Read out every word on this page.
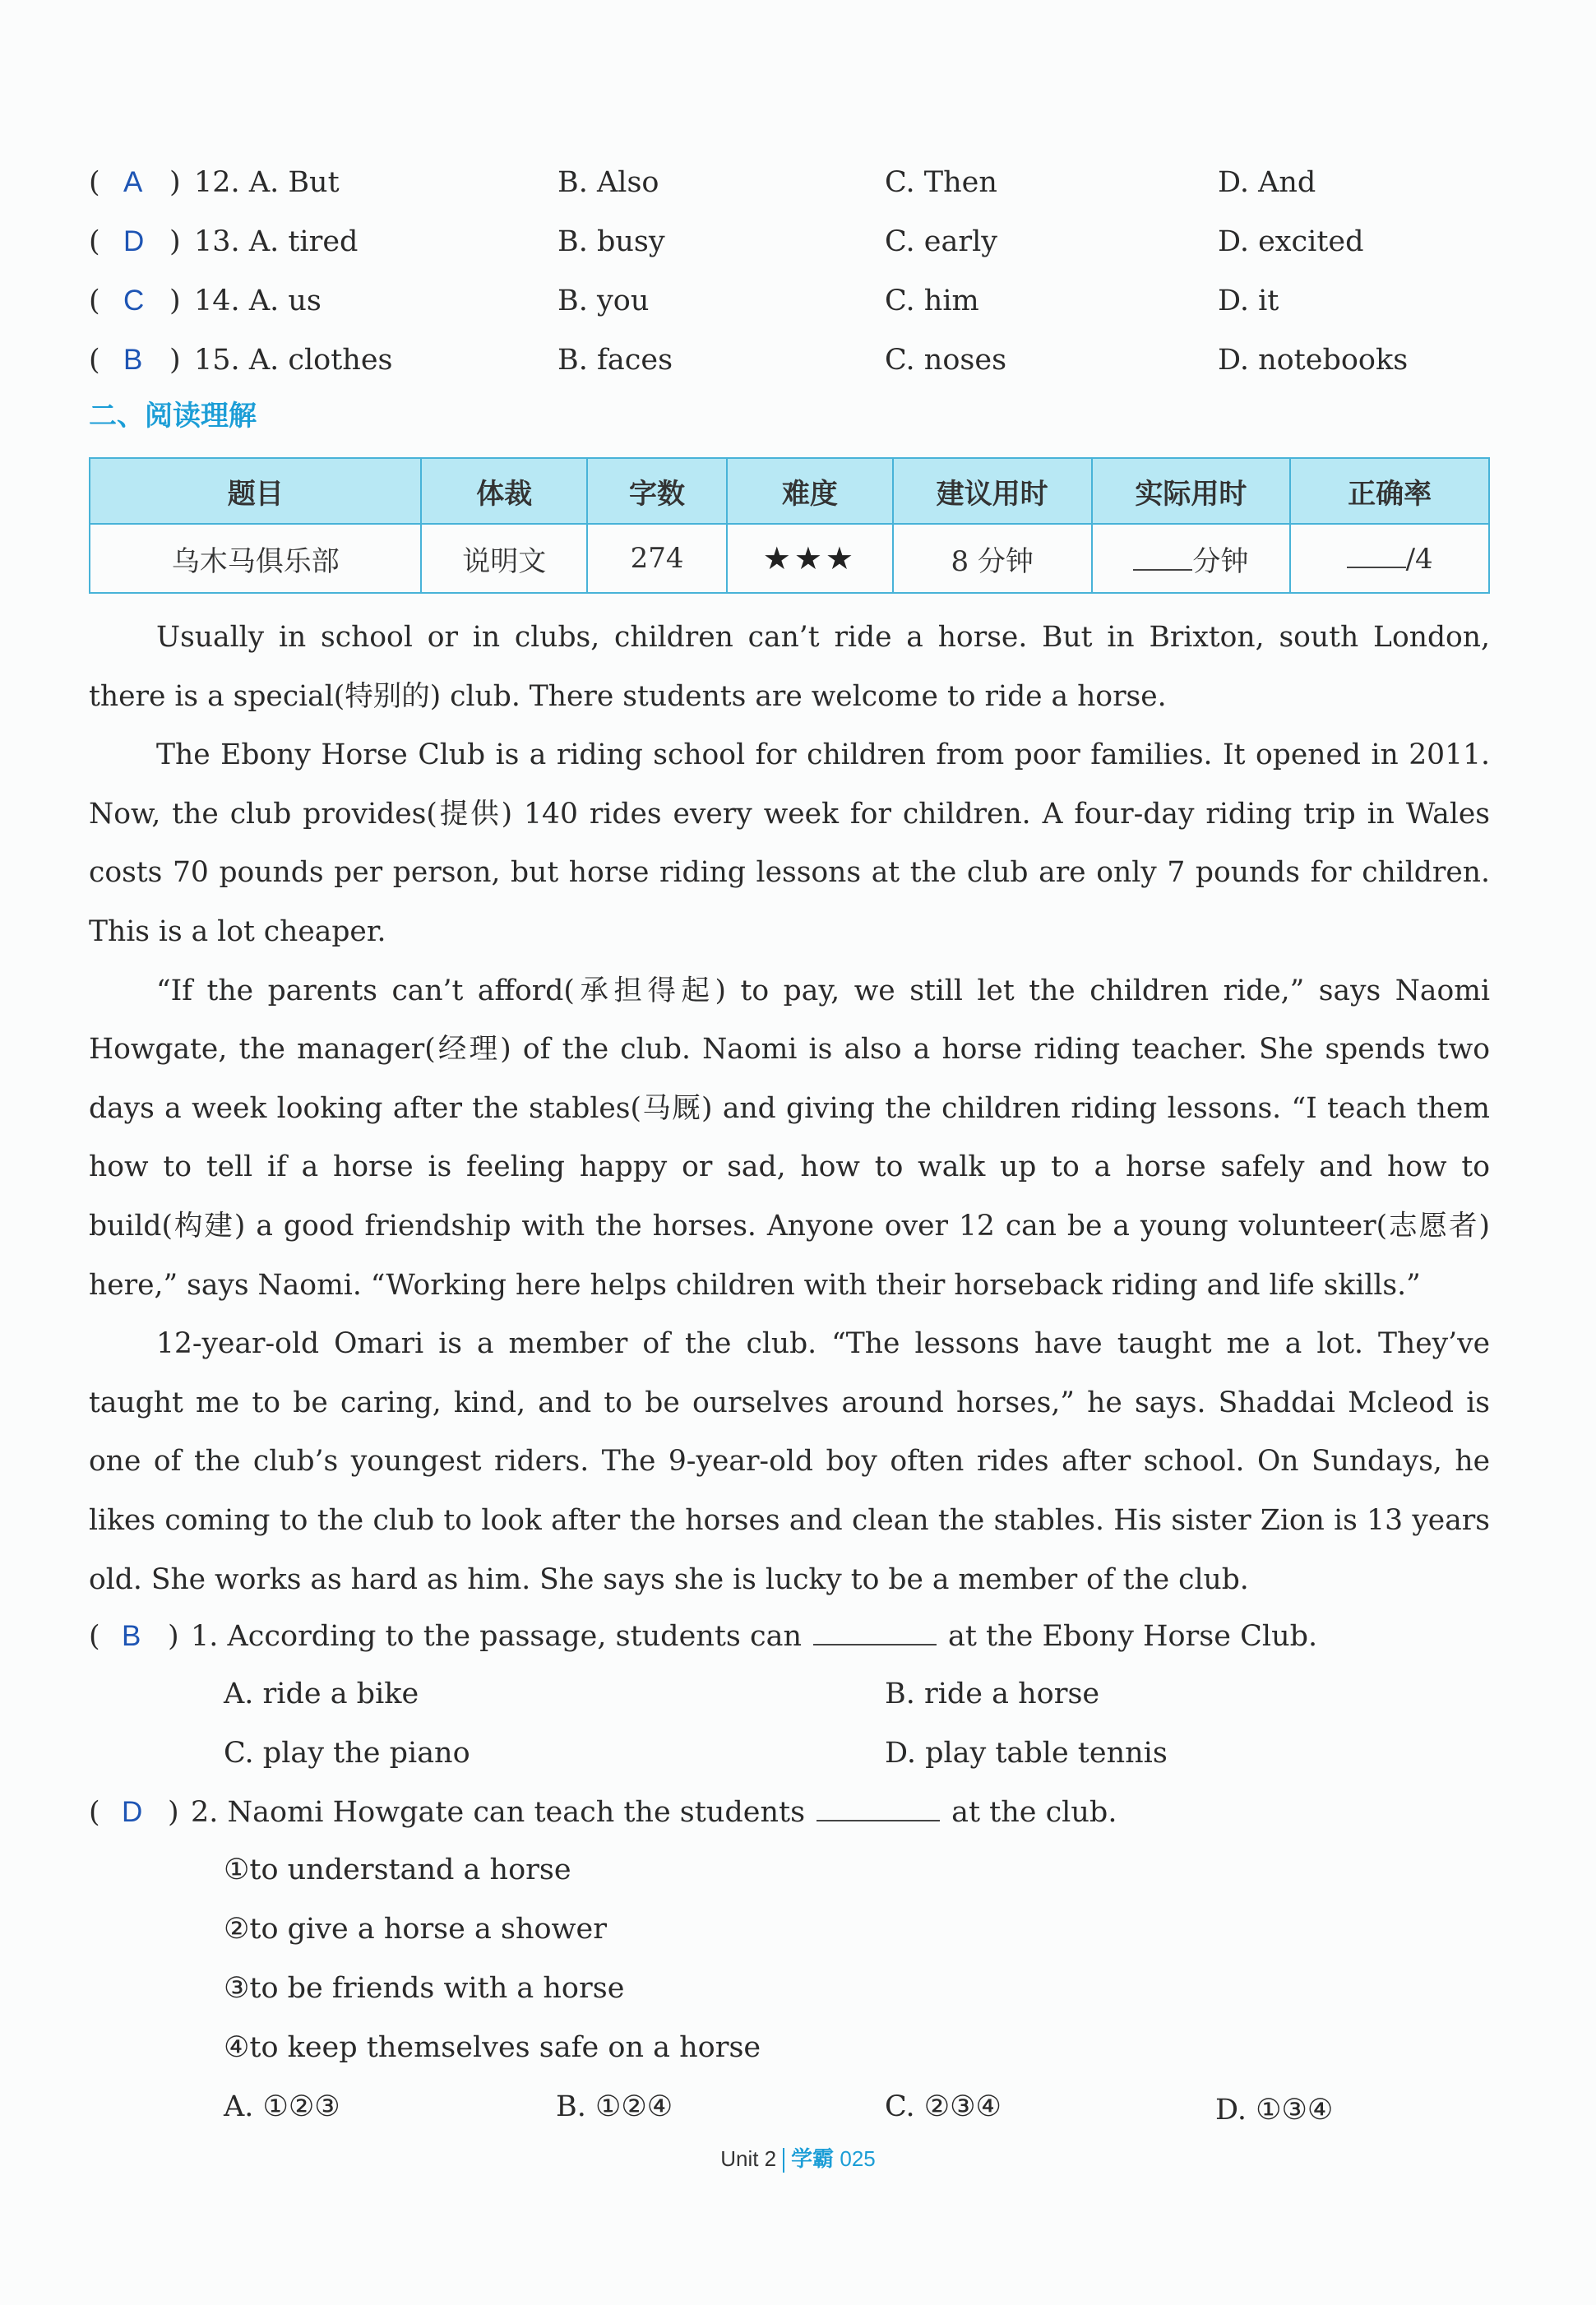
( A ) 12. A. But	B. Also	C. Then	D. And
( D ) 13. A. tired	B. busy	C. early	D. excited
( C ) 14. A. us	B. you	C. him	D. it
( B ) 15. A. clothes	B. faces	C. noses	D. notebooks
二、阅读理解
题目	体裁	字数	难度	建议用时	实际用时	正确率
乌木马俱乐部	说明文	274	★★★	8 分钟	分钟	/4

Usually in school or in clubs, children can’t ride a horse. But in Brixton, south London, there is a special(特别的) club. There students are welcome to ride a horse.

The Ebony Horse Club is a riding school for children from poor families. It opened in 2011. Now, the club provides(提供) 140 rides every week for children. A four-day riding trip in Wales costs 70 pounds per person, but horse riding lessons at the club are only 7 pounds for children. This is a lot cheaper.

“If the parents can’t afford(承担得起) to pay, we still let the children ride,” says Naomi Howgate, the manager(经理) of the club. Naomi is also a horse riding teacher. She spends two days a week looking after the stables(马厩) and giving the children riding lessons. “I teach them how to tell if a horse is feeling happy or sad, how to walk up to a horse safely and how to build(构建) a good friendship with the horses. Anyone over 12 can be a young volunteer(志愿者) here,” says Naomi. “Working here helps children with their horseback riding and life skills.”

12-year-old Omari is a member of the club. “The lessons have taught me a lot. They’ve taught me to be caring, kind, and to be ourselves around horses,” he says. Shaddai Mcleod is one of the club’s youngest riders. The 9-year-old boy often rides after school. On Sundays, he likes coming to the club to look after the horses and clean the stables. His sister Zion is 13 years old. She works as hard as him. She says she is lucky to be a member of the club.

( B ) 1. According to the passage, students can	at the Ebony Horse Club.
A. ride a bike	B. ride a horse
C. play the piano	D. play table tennis
( D ) 2. Naomi Howgate can teach the students	at the club.
①to understand a horse
②to give a horse a shower
③to be friends with a horse
④to keep themselves safe on a horse
A. ①②③	B. ①②④	C. ②③④	D. ①③④
Unit 2 学霸 025
